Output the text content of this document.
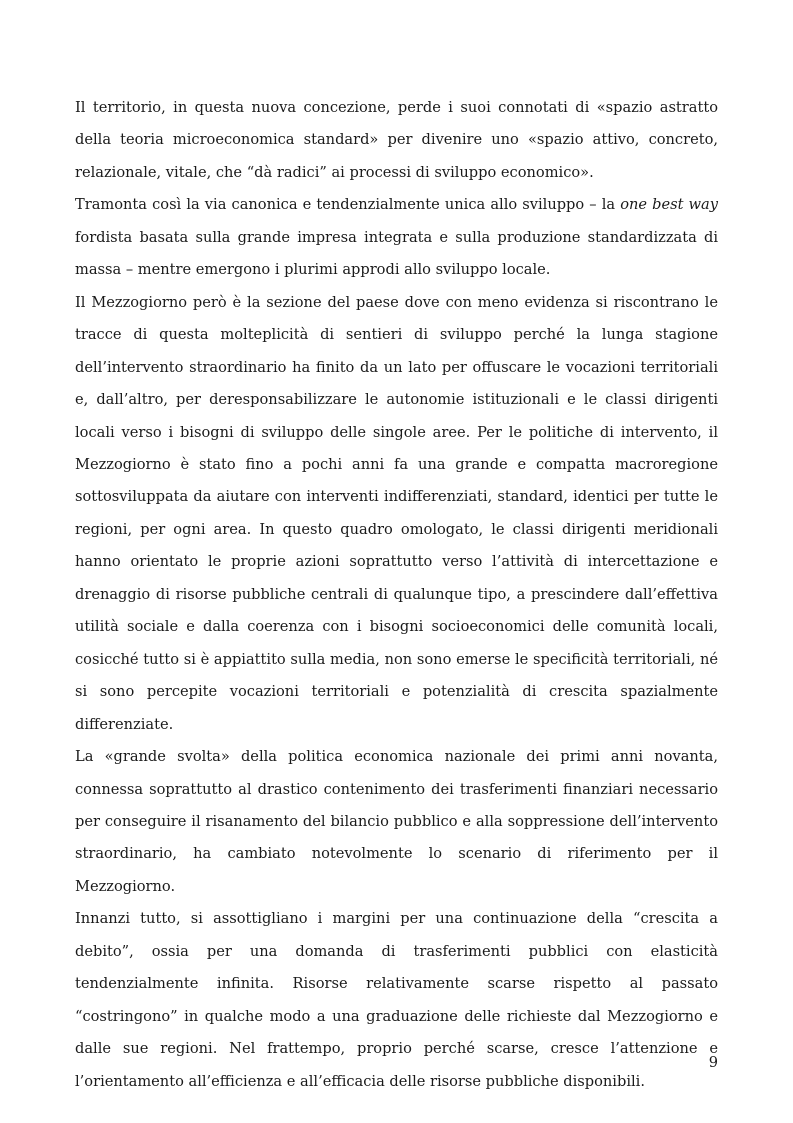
Il territorio, in questa nuova concezione, perde i suoi connotati di «spazio astratto della teoria microeconomica standard» per divenire uno «spazio attivo, concreto, relazionale, vitale, che “dà radici” ai processi di sviluppo economico».

Tramonta così la via canonica e tendenzialmente unica allo sviluppo – la one best way fordista basata sulla grande impresa integrata e sulla produzione standardizzata di massa – mentre emergono i plurimi approdi allo sviluppo locale.

Il Mezzogiorno però è la sezione del paese dove con meno evidenza si riscontrano le tracce di questa molteplicità di sentieri di sviluppo perché la lunga stagione dell’intervento straordinario ha finito da un lato per offuscare le vocazioni territoriali e, dall’altro, per deresponsabilizzare le autonomie istituzionali e le classi dirigenti locali verso i bisogni di sviluppo delle singole aree. Per le politiche di intervento, il Mezzogiorno è stato fino a pochi anni fa una grande e compatta macroregione sottosviluppata da aiutare con interventi indifferenziati, standard, identici per tutte le regioni, per ogni area. In questo quadro omologato, le classi dirigenti meridionali hanno orientato le proprie azioni soprattutto verso l’attività di intercettazione e drenaggio di risorse pubbliche centrali di qualunque tipo, a prescindere dall’effettiva utilità sociale e dalla coerenza con i bisogni socioeconomici delle comunità locali, cosicché tutto si è appiattito sulla media, non sono emerse le specificità territoriali, né si sono percepite vocazioni territoriali e potenzialità di crescita spazialmente differenziate.

La «grande svolta» della politica economica nazionale dei primi anni novanta, connessa soprattutto al drastico contenimento dei trasferimenti finanziari necessario per conseguire il risanamento del bilancio pubblico e alla soppressione dell’intervento straordinario, ha cambiato notevolmente lo scenario di riferimento per il Mezzogiorno.

Innanzi tutto, si assottigliano i margini per una continuazione della “crescita a debito”, ossia per una domanda di trasferimenti pubblici con elasticità tendenzialmente infinita. Risorse relativamente scarse rispetto al passato “costringono” in qualche modo a una graduazione delle richieste dal Mezzogiorno e dalle sue regioni. Nel frattempo, proprio perché scarse, cresce l’attenzione e l’orientamento all’efficienza e all’efficacia delle risorse pubbliche disponibili.

9
